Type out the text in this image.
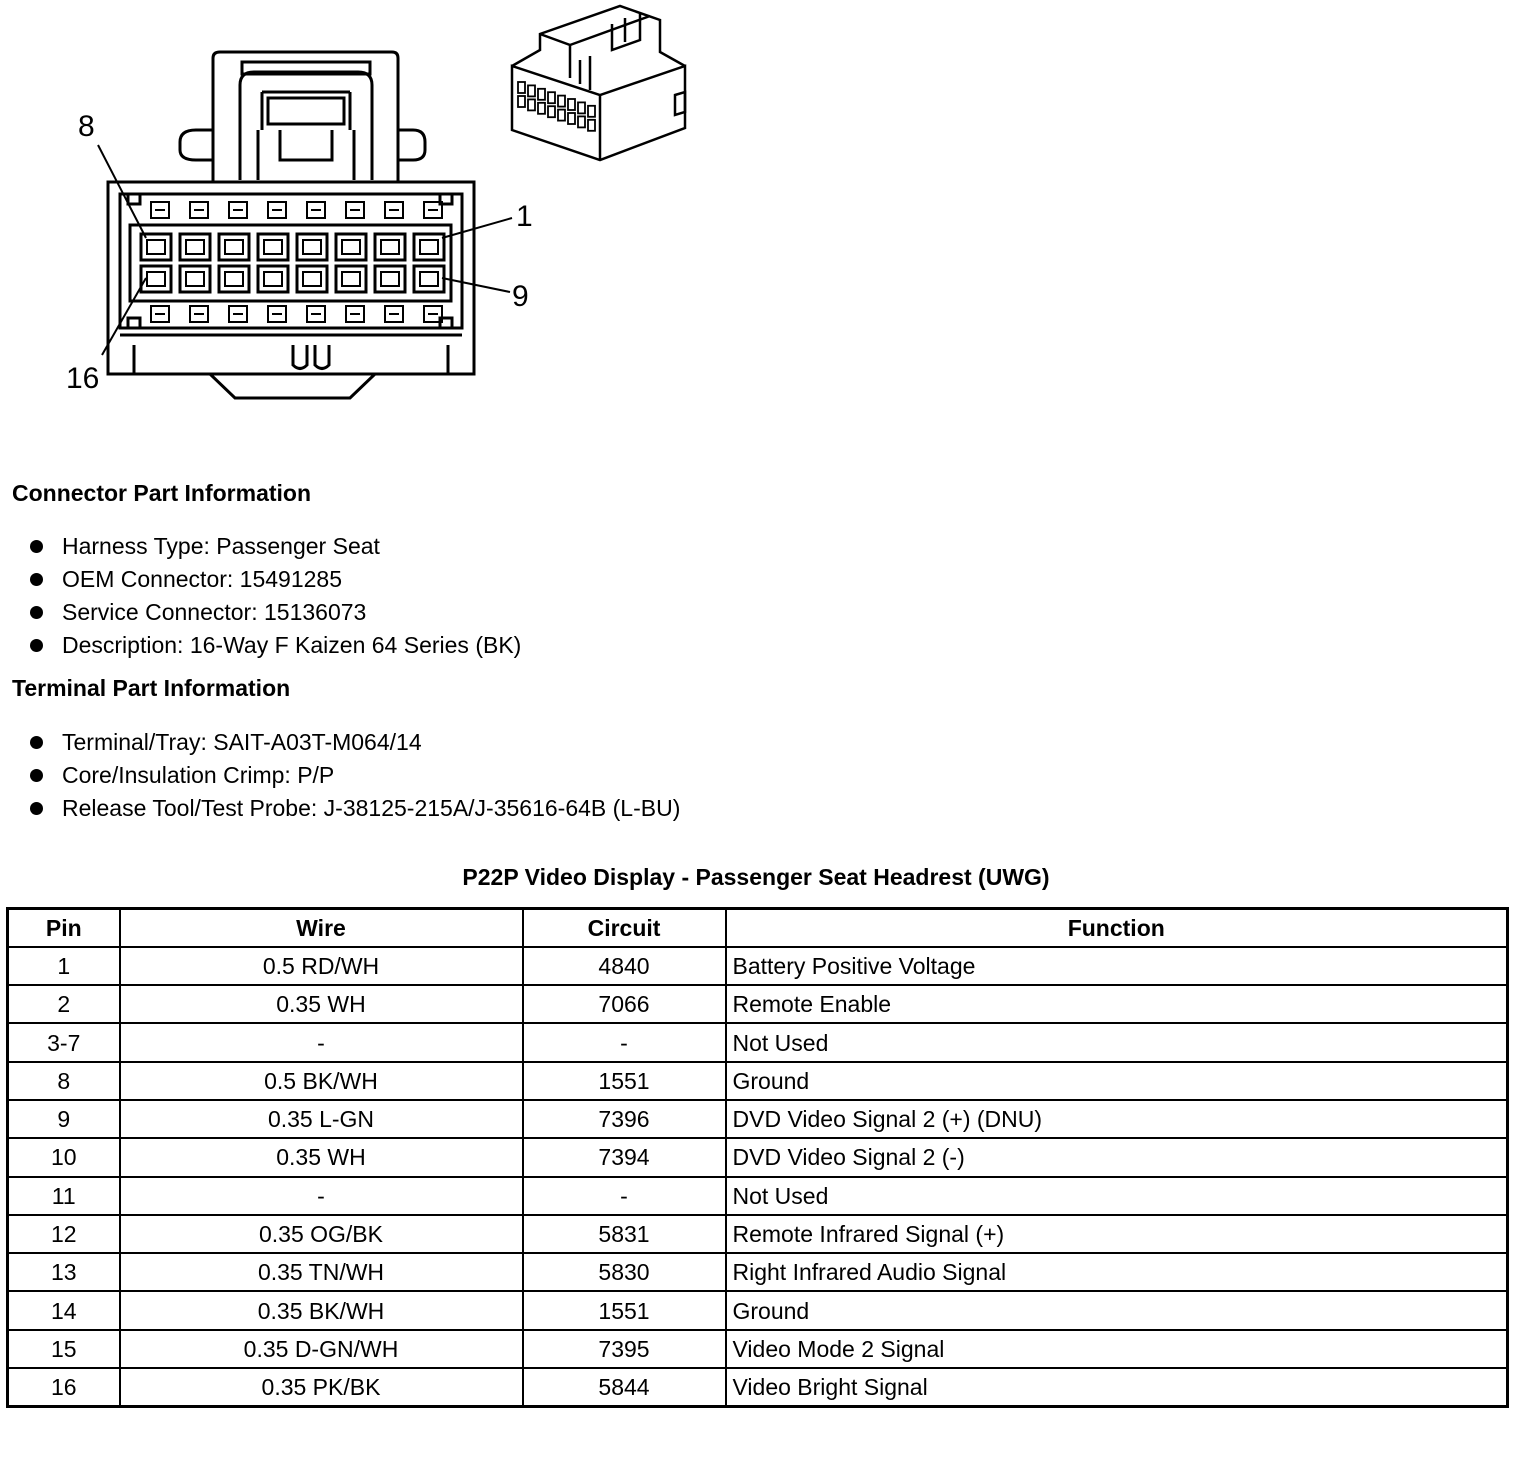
8
1
9
16
Connector Part Information
Harness Type: Passenger Seat
OEM Connector: 15491285
Service Connector: 15136073
Description: 16-Way F Kaizen 64 Series (BK)
Terminal Part Information
Terminal/Tray: SAIT-A03T-M064/14
Core/Insulation Crimp: P/P
Release Tool/Test Probe: J-38125-215A/J-35616-64B (L-BU)
P22P Video Display - Passenger Seat Headrest (UWG)
Pin	Wire	Circuit	Function
1	0.5 RD/WH	4840	Battery Positive Voltage
2	0.35 WH	7066	Remote Enable
3-7	-	-	Not Used
8	0.5 BK/WH	1551	Ground
9	0.35 L-GN	7396	DVD Video Signal 2 (+) (DNU)
10	0.35 WH	7394	DVD Video Signal 2 (-)
11	-	-	Not Used
12	0.35 OG/BK	5831	Remote Infrared Signal (+)
13	0.35 TN/WH	5830	Right Infrared Audio Signal
14	0.35 BK/WH	1551	Ground
15	0.35 D-GN/WH	7395	Video Mode 2 Signal
16	0.35 PK/BK	5844	Video Bright Signal
